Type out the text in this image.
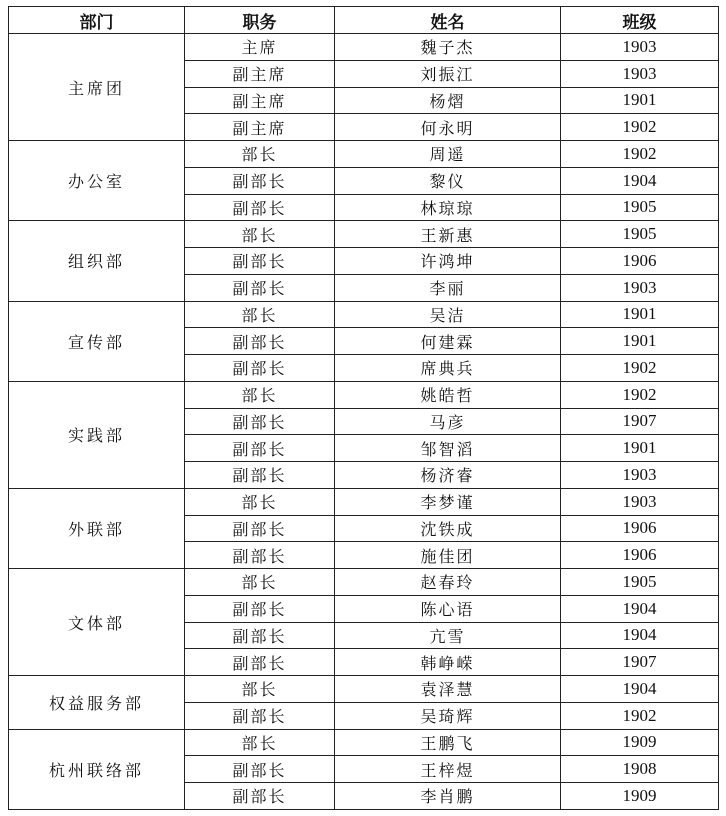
部门	职务	姓名	班级
主席团	主席	魏子杰	1903
	副主席	刘振江	1903
	副主席	杨熠	1901
	副主席	何永明	1902
办公室	部长	周遥	1902
	副部长	黎仪	1904
	副部长	林琼琼	1905
组织部	部长	王新惠	1905
	副部长	许鸿坤	1906
	副部长	李丽	1903
宣传部	部长	吴洁	1901
	副部长	何建霖	1901
	副部长	席典兵	1902
实践部	部长	姚皓哲	1902
	副部长	马彦	1907
	副部长	邹智滔	1901
	副部长	杨济睿	1903
外联部	部长	李梦谨	1903
	副部长	沈铁成	1906
	副部长	施佳团	1906
文体部	部长	赵春玲	1905
	副部长	陈心语	1904
	副部长	亢雪	1904
	副部长	韩峥嵘	1907
权益服务部	部长	袁泽慧	1904
	副部长	吴琦辉	1902
杭州联络部	部长	王鹏飞	1909
	副部长	王梓煜	1908
	副部长	李肖鹏	1909
